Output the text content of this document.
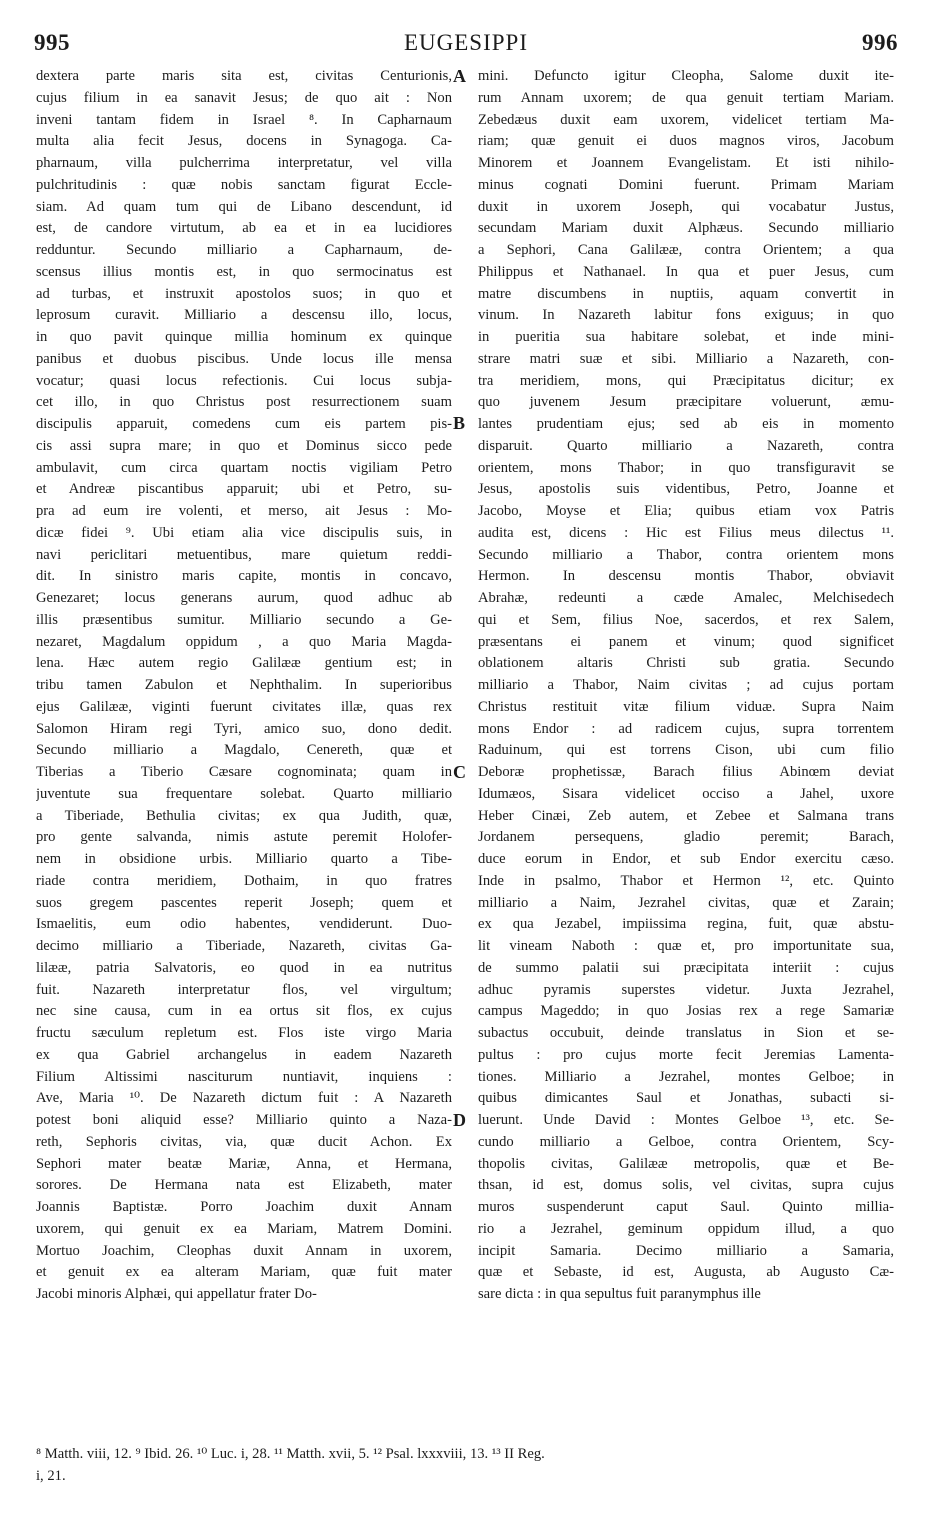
995	EUGESIPPI	996
dextera parte maris sita est, civitas Centurionis,
cujus filium in ea sanavit Jesus; de quo ait : Non
inveni tantam fidem in Israel ⁸. In Capharnaum
multa alia fecit Jesus, docens in Synagoga. Ca-
pharnaum, villa pulcherrima interpretatur, vel villa
pulchritudinis : quæ nobis sanctam figurat Eccle-
siam. Ad quam tum qui de Libano descendunt, id
est, de candore virtutum, ab ea et in ea lucidiores
redduntur. Secundo milliario a Capharnaum, de-
scensus illius montis est, in quo sermocinatus est
ad turbas, et instruxit apostolos suos; in quo et
leprosum curavit. Milliario a descensu illo, locus,
in quo pavit quinque millia hominum ex quinque
panibus et duobus piscibus. Unde locus ille mensa
vocatur; quasi locus refectionis. Cui locus subja-
cet illo, in quo Christus post resurrectionem suam
discipulis apparuit, comedens cum eis partem pis-
cis assi supra mare; in quo et Dominus sicco pede
ambulavit, cum circa quartam noctis vigiliam Petro
et Andreæ piscantibus apparuit; ubi et Petro, su-
pra ad eum ire volenti, et merso, ait Jesus : Mo-
dicæ fidei ⁹. Ubi etiam alia vice discipulis suis, in
navi periclitari metuentibus, mare quietum reddi-
dit. In sinistro maris capite, montis in concavo,
Genezaret; locus generans aurum, quod adhuc ab
illis præsentibus sumitur. Milliario secundo a Ge-
nezaret, Magdalum oppidum , a quo Maria Magda-
lena. Hæc autem regio Galilææ gentium est; in
tribu tamen Zabulon et Nephthalim. In superioribus
ejus Galilææ, viginti fuerunt civitates illæ, quas rex
Salomon Hiram regi Tyri, amico suo, dono dedit.
Secundo milliario a Magdalo, Cenereth, quæ et
Tiberias a Tiberio Cæsare cognominata; quam in
juventute sua frequentare solebat. Quarto milliario
a Tiberiade, Bethulia civitas; ex qua Judith, quæ,
pro gente salvanda, nimis astute peremit Holofer-
nem in obsidione urbis. Milliario quarto a Tibe-
riade contra meridiem, Dothaim, in quo fratres
suos gregem pascentes reperit Joseph; quem et
Ismaelitis, eum odio habentes, vendiderunt. Duo-
decimo milliario a Tiberiade, Nazareth, civitas Ga-
lilææ, patria Salvatoris, eo quod in ea nutritus
fuit. Nazareth interpretatur flos, vel virgultum;
nec sine causa, cum in ea ortus sit flos, ex cujus
fructu sæculum repletum est. Flos iste virgo Maria
ex qua Gabriel archangelus in eadem Nazareth
Filium Altissimi nasciturum nuntiavit, inquiens :
Ave, Maria ¹⁰. De Nazareth dictum fuit : A Nazareth
potest boni aliquid esse? Milliario quinto a Naza-
reth, Sephoris civitas, via, quæ ducit Achon. Ex
Sephori mater beatæ Mariæ, Anna, et Hermana,
sorores. De Hermana nata est Elizabeth, mater
Joannis Baptistæ. Porro Joachim duxit Annam
uxorem, qui genuit ex ea Mariam, Matrem Domini.
Mortuo Joachim, Cleophas duxit Annam in uxorem,
et genuit ex ea alteram Mariam, quæ fuit mater
Jacobi minoris Alphæi, qui appellatur frater Do-
mini. Defuncto igitur Cleopha, Salome duxit ite-
rum Annam uxorem; de qua genuit tertiam Mariam.
Zebedæus duxit eam uxorem, videlicet tertiam Ma-
riam; quæ genuit ei duos magnos viros, Jacobum
Minorem et Joannem Evangelistam. Et isti nihilo-
minus cognati Domini fuerunt. Primam Mariam
duxit in uxorem Joseph, qui vocabatur Justus,
secundam Mariam duxit Alphæus. Secundo milliario
a Sephori, Cana Galilææ, contra Orientem; a qua
Philippus et Nathanael. In qua et puer Jesus, cum
matre discumbens in nuptiis, aquam convertit in
vinum. In Nazareth labitur fons exiguus; in quo
in pueritia sua habitare solebat, et inde mini-
strare matri suæ et sibi. Milliario a Nazareth, con-
tra meridiem, mons, qui Præcipitatus dicitur; ex
quo juvenem Jesum præcipitare voluerunt, æmu-
lantes prudentiam ejus; sed ab eis in momento
disparuit. Quarto milliario a Nazareth, contra
orientem, mons Thabor; in quo transfiguravit se
Jesus, apostolis suis videntibus, Petro, Joanne et
Jacobo, Moyse et Elia; quibus etiam vox Patris
audita est, dicens : Hic est Filius meus dilectus ¹¹.
Secundo milliario a Thabor, contra orientem mons
Hermon. In descensu montis Thabor, obviavit
Abrahæ, redeunti a cæde Amalec, Melchisedech
qui et Sem, filius Noe, sacerdos, et rex Salem,
præsentans ei panem et vinum; quod significet
oblationem altaris Christi sub gratia. Secundo
milliario a Thabor, Naim civitas ; ad cujus portam
Christus restituit vitæ filium viduæ. Supra Naim
mons Endor : ad radicem cujus, supra torrentem
Raduinum, qui est torrens Cison, ubi cum filio
Deboræ prophetissæ, Barach filius Abinœm deviat
Idumæos, Sisara videlicet occiso a Jahel, uxore
Heber Cinæi, Zeb autem, et Zebee et Salmana trans
Jordanem persequens, gladio peremit; Barach,
duce eorum in Endor, et sub Endor exercitu cæso.
Inde in psalmo, Thabor et Hermon ¹², etc. Quinto
milliario a Naim, Jezrahel civitas, quæ et Zarain;
ex qua Jezabel, impiissima regina, fuit, quæ abstu-
lit vineam Naboth : quæ et, pro importunitate sua,
de summo palatii sui præcipitata interiit : cujus
adhuc pyramis superstes videtur. Juxta Jezrahel,
campus Mageddo; in quo Josias rex a rege Samariæ
subactus occubuit, deinde translatus in Sion et se-
pultus : pro cujus morte fecit Jeremias Lamenta-
tiones. Milliario a Jezrahel, montes Gelboe; in
quibus dimicantes Saul et Jonathas, subacti si-
luerunt. Unde David : Montes Gelboe ¹³, etc. Se-
cundo milliario a Gelboe, contra Orientem, Scy-
thopolis civitas, Galilææ metropolis, quæ et Be-
thsan, id est, domus solis, vel civitas, supra cujus
muros suspenderunt caput Saul. Quinto millia-
rio a Jezrahel, geminum oppidum illud, a quo
incipit Samaria. Decimo milliario a Samaria,
quæ et Sebaste, id est, Augusta, ab Augusto Cæ-
sare dicta : in qua sepultus fuit paranymphus ille
A
B
C
D
⁸ Matth. viii, 12. ⁹ Ibid. 26. ¹⁰ Luc. i, 28. ¹¹ Matth. xvii, 5. ¹² Psal. lxxxviii, 13. ¹³ II Reg.
i, 21.
